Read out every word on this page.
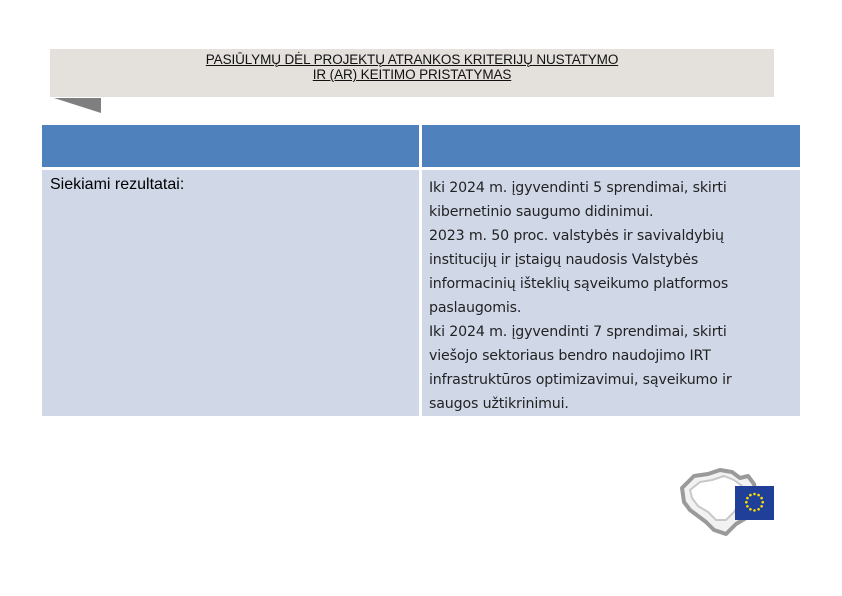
PASIŪLYMŲ DĖL PROJEKTŲ ATRANKOS KRITERIJŲ NUSTATYMO
IR (AR) KEITIMO PRISTATYMAS
Siekiami rezultatai:	Iki 2024 m. įgyvendinti 5 sprendimai, skirti
kibernetinio saugumo didinimui.
2023 m. 50 proc. valstybės ir savivaldybių
institucijų ir įstaigų naudosis Valstybės
informacinių išteklių sąveikumo platformos
paslaugomis.
Iki 2024 m. įgyvendinti 7 sprendimai, skirti
viešojo sektoriaus bendro naudojimo IRT
infrastruktūros optimizavimui, sąveikumo ir
saugos užtikrinimui.
